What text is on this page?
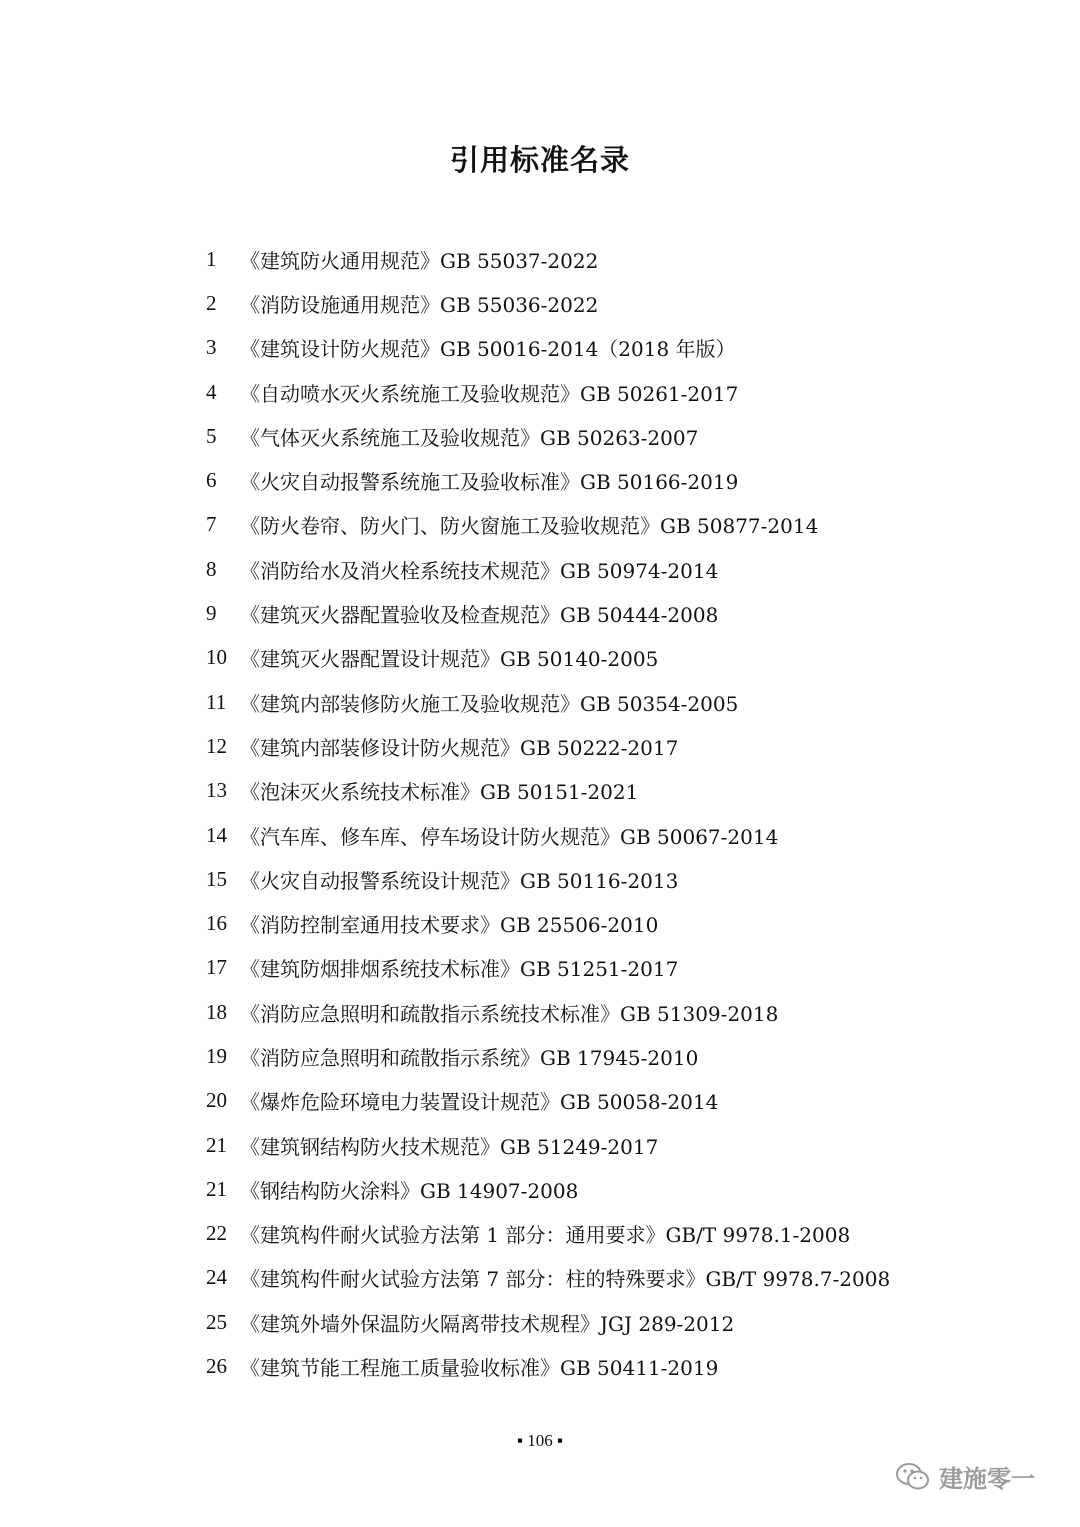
引用标准名录
1	《建筑防火通用规范》GB 55037-2022
2	《消防设施通用规范》GB 55036-2022
3	《建筑设计防火规范》GB 50016-2014（2018 年版）
4	《自动喷水灭火系统施工及验收规范》GB 50261-2017
5	《气体灭火系统施工及验收规范》GB 50263-2007
6	《火灾自动报警系统施工及验收标准》GB 50166-2019
7	《防火卷帘、防火门、防火窗施工及验收规范》GB 50877-2014
8	《消防给水及消火栓系统技术规范》GB 50974-2014
9	《建筑灭火器配置验收及检查规范》GB 50444-2008
10 《建筑灭火器配置设计规范》GB 50140-2005
11 《建筑内部装修防火施工及验收规范》GB 50354-2005
12 《建筑内部装修设计防火规范》GB 50222-2017
13 《泡沫灭火系统技术标准》GB 50151-2021
14 《汽车库、修车库、停车场设计防火规范》GB 50067-2014
15 《火灾自动报警系统设计规范》GB 50116-2013
16 《消防控制室通用技术要求》GB 25506-2010
17 《建筑防烟排烟系统技术标准》GB 51251-2017
18 《消防应急照明和疏散指示系统技术标准》GB 51309-2018
19 《消防应急照明和疏散指示系统》GB 17945-2010
20 《爆炸危险环境电力装置设计规范》GB 50058-2014
21 《建筑钢结构防火技术规范》GB 51249-2017
21 《钢结构防火涂料》GB 14907-2008
22 《建筑构件耐火试验方法第 1 部分：通用要求》GB/T 9978.1-2008
24 《建筑构件耐火试验方法第 7 部分：柱的特殊要求》GB/T 9978.7-2008
25 《建筑外墙外保温防火隔离带技术规程》JGJ 289-2012
26 《建筑节能工程施工质量验收标准》GB 50411-2019
▪ 106 ▪
建施零一
